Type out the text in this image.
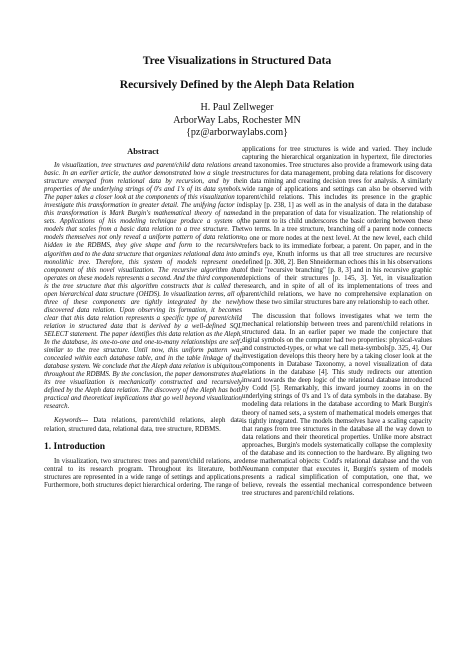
Tree Visualizations in Structured Data
Recursively Defined by the Aleph Data Relation
H. Paul Zellweger
ArborWay Labs, Rochester MN
{pz@arborwaylabs.com}
Abstract

In visualization, tree structures and parent/child data relations are basic. In an earlier article, the author demonstrated how a single tree structure emerged from relational data by recursion, and by the properties of the underlying strings of 0's and 1's of its data symbols. The paper takes a closer look at the components of this visualization to investigate this transformation in greater detail. The unifying factor in this transformation is Mark Burgin's mathematical theory of named sets. Applications of his modeling technique produce a system of models that scales from a basic data relation to a tree structure. The models themselves not only reveal a uniform pattern of data relations hidden in the RDBMS, they give shape and form to the recursive algorithm and to the data structure that organizes relational data into a monolithic tree. Therefore, this system of models represent one component of this novel visualization. The recursive algorithm that operates on these models represents a second. And the third component is the tree structure that this algorithm constructs that is called the open hierarchical data structure (OHDS). In visualization terms, all of three of these components are tightly integrated by the newly discovered data relation. Upon observing its formation, it becomes clear that this data relation represents a specific type of parent/child relation in structured data that is derived by a well-defined SQL SELECT statement. The paper identifies this data relation as the Aleph. In the database, its one-to-one and one-to-many relationships are self-similar to the tree structure. Until now, this uniform pattern was concealed within each database table, and in the table linkage of the database system. We conclude that the Aleph data relation is ubiquitous throughout the RDBMS. By the conclusion, the paper demonstrates that its tree visualization is mechanically constructed and recursively defined by the Aleph data relation. The discovery of the Aleph has both practical and theoretical implications that go well beyond visualization research.

Keywords--- Data relations, parent/child relations, aleph data relation, structured data, relational data, tree structure, RDBMS.

1. Introduction

In visualization, two structures: trees and parent/child relations, are central to its research program. Throughout its literature, both structures are represented in a wide range of settings and applications. Furthermore, both structures depict hierarchical ordering. The range of

applications for tree structures is wide and varied. They include capturing the hierarchical organization in hypertext, file directories and taxonomies. Tree structures also provide a framework using data structures for data management, probing data relations for discovery in data mining and creating decision trees for analysis. A similarly wide range of applications and settings can also be observed with parent/child relations. This includes its presence in the graphic display [p. 238, 1] as well as in the analysis of data in the database and in the preparation of data for visualization. The relationship of the parent to its child underscores the basic ordering between these two terms. In a tree structure, branching off a parent node connects to one or more nodes at the next level. At the new level, each child refers back to its immediate forbear, a parent. On paper, and in the mind's eye, Knuth informs us that all tree structures are recursive defined [p. 308, 2]. Ben Shneiderman echoes this in his observations of their "recursive branching" [p. 8, 3] and in his recursive graphic depictions of their structures [p. 145, 3]. Yet, in visualization research, and in spite of all of its implementations of trees and parent/child relations, we have no comprehensive explanation on how these two similar structures bare any relationship to each other.

The discussion that follows investigates what we term the mechanical relationship between trees and parent/child relations in structured data. In an earlier paper we made the conjecture that digital symbols on the computer had two properties: physical-values and constructed-types, or what we call meta-symbols[p. 325, 4]. Our investigation develops this theory here by a taking closer look at the components in Database Taxonomy, a novel visualization of data relations in the database [4]. This study redirects our attention inward towards the deep logic of the relational database introduced by Codd [5]. Remarkably, this inward journey zooms in on the underlying strings of 0's and 1's of data symbols in the database. By modeling data relations in the database according to Mark Burgin's theory of named sets, a system of mathematical models emerges that is tightly integrated. The models themselves have a scaling capacity that ranges from tree structures in the database all the way down to data relations and their theoretical properties. Unlike more abstract approaches, Burgin's models systematically collapse the complexity of the database and its connection to the hardware. By aligning two dense mathematical objects: Codd's relational database and the von Neumann computer that executes it, Burgin's system of models presents a radical simplification of computation, one that, we believe, reveals the essential mechanical correspondence between tree structures and parent/child relations.
